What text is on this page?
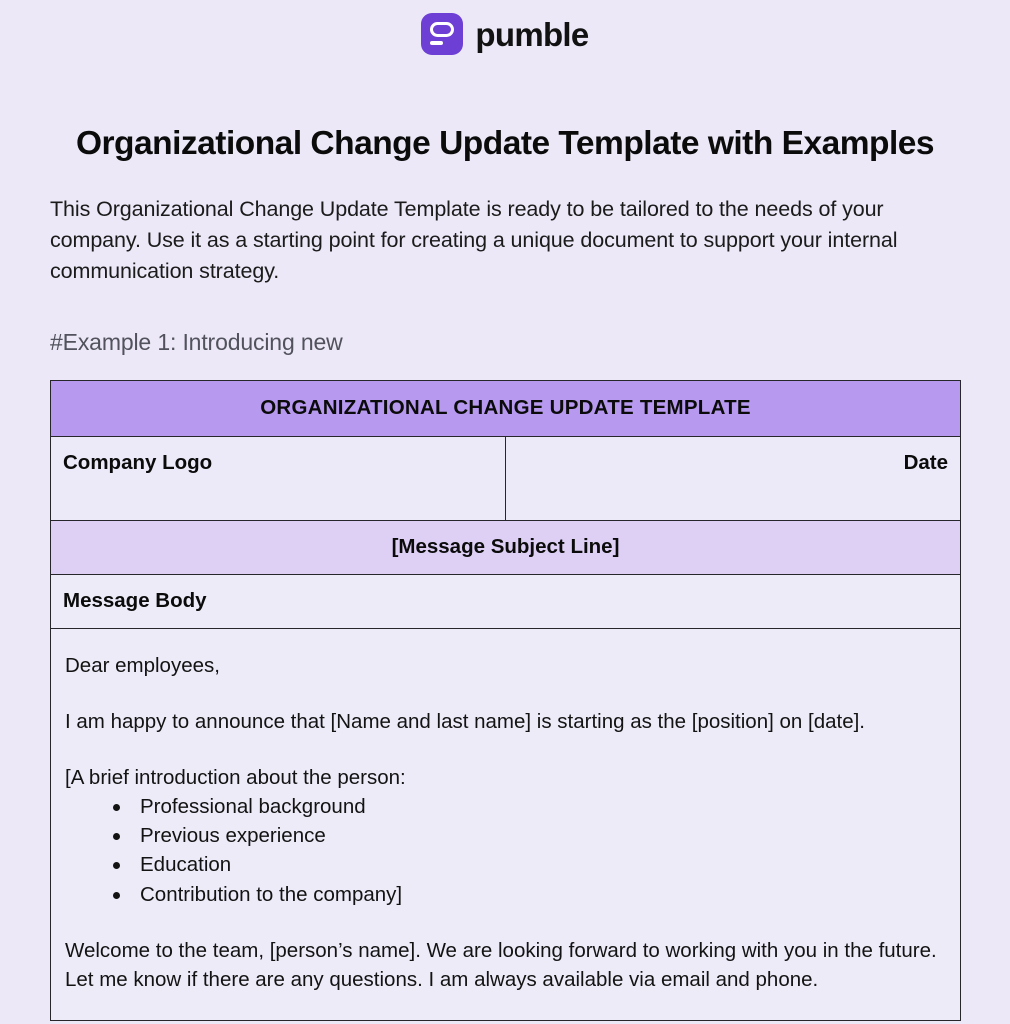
pumble
Organizational Change Update Template with Examples

This Organizational Change Update Template is ready to be tailored to the needs of your company. Use it as a starting point for creating a unique document to support your internal communication strategy.

#Example 1: Introducing new

ORGANIZATIONAL CHANGE UPDATE TEMPLATE
Company Logo	Date
[Message Subject Line]
Message Body

Dear employees,

I am happy to announce that [Name and last name] is starting as the [position] on [date].

[A brief introduction about the person:

Professional background
Previous experience
Education
Contribution to the company]

Welcome to the team, [person’s name]. We are looking forward to working with you in the future. Let me know if there are any questions. I am always available via email and phone.
